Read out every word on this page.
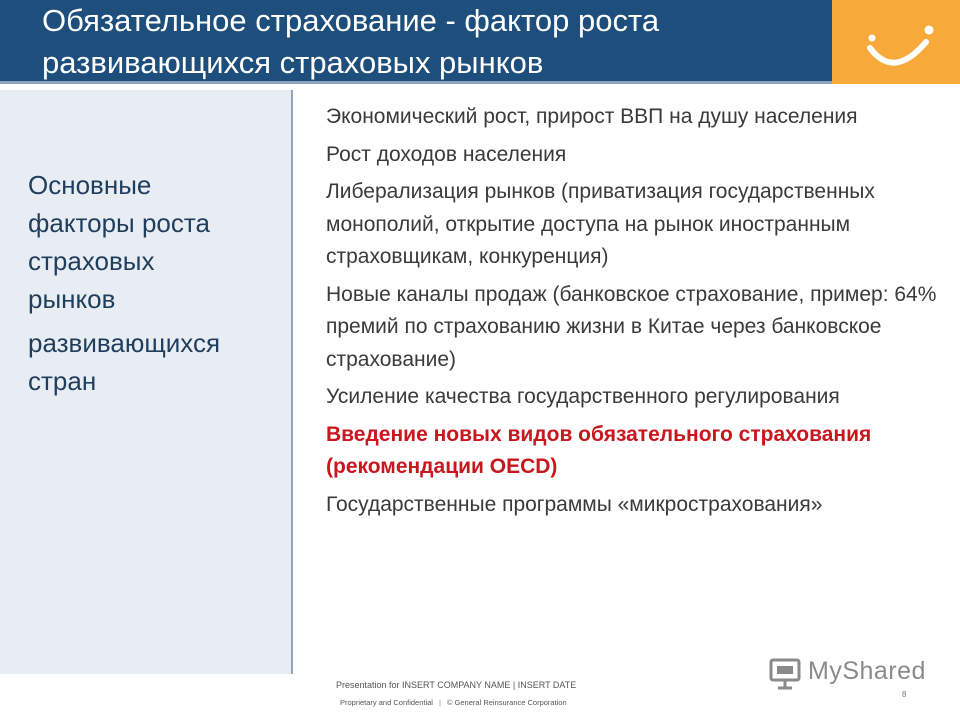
Обязательное страхование - фактор роста
развивающихся страховых рынков
Основные
факторы роста
страховых
рынков
развивающихся
стран
Экономический рост, прирост ВВП на душу населения
Рост доходов населения
Либерализация рынков (приватизация государственных монополий, открытие доступа на рынок иностранным страховщикам, конкуренция)
Новые каналы продаж (банковское страхование, пример: 64% премий по страхованию жизни в Китае через банковское страхование)
Усиление качества государственного регулирования
Введение новых видов обязательного страхования (рекомендации OECD)
Государственные программы «микрострахования»
Presentation for INSERT COMPANY NAME | INSERT DATE
Proprietary and Confidential | © General Reinsurance Corporation
8
MyShared
